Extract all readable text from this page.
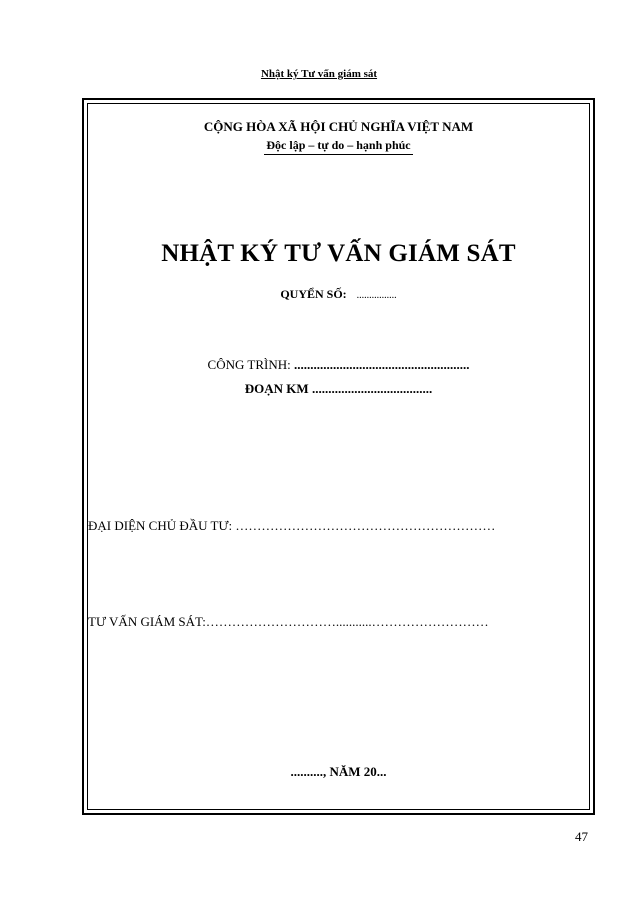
Nhật ký Tư vấn giám sát
CỘNG HÒA XÃ HỘI CHỦ NGHĨA VIỆT NAM
Độc lập – tự do – hạnh phúc
NHẬT KÝ TƯ VẤN GIÁM SÁT
QUYỂN SỐ: ................
CÔNG TRÌNH: ......................................................
ĐOẠN KM .....................................
ĐẠI DIỆN CHỦ ĐẦU TƯ: ……………………………………………………
TƯ VẤN GIÁM SÁT:…………………………...........………………………
.........., NĂM 20...
47
